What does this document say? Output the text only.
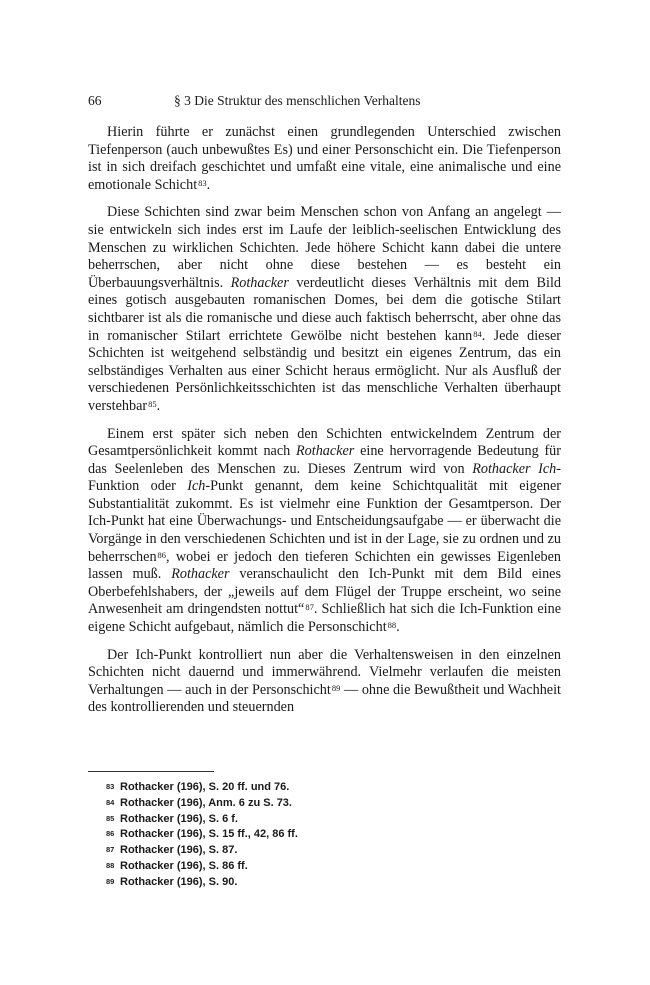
66	§ 3 Die Struktur des menschlichen Verhaltens

Hierin führte er zunächst einen grundlegenden Unterschied zwischen Tiefenperson (auch unbewußtes Es) und einer Personschicht ein. Die Tiefenperson ist in sich dreifach geschichtet und umfaßt eine vitale, eine animalische und eine emotionale Schicht$^{83}$.

Diese Schichten sind zwar beim Menschen schon von Anfang an angelegt — sie entwickeln sich indes erst im Laufe der leiblich-seelischen Entwicklung des Menschen zu wirklichen Schichten. Jede höhere Schicht kann dabei die untere beherrschen, aber nicht ohne diese bestehen — es besteht ein Überbauungsverhältnis. Rothacker verdeutlicht dieses Verhältnis mit dem Bild eines gotisch ausgebauten romanischen Domes, bei dem die gotische Stilart sichtbarer ist als die romanische und diese auch faktisch beherrscht, aber ohne das in romanischer Stilart errichtete Gewölbe nicht bestehen kann$^{84}$. Jede dieser Schichten ist weitgehend selbständig und besitzt ein eigenes Zentrum, das ein selbständiges Verhalten aus einer Schicht heraus ermöglicht. Nur als Ausfluß der verschiedenen Persönlichkeitsschichten ist das menschliche Verhalten überhaupt verstehbar$^{85}$.

Einem erst später sich neben den Schichten entwickelndem Zentrum der Gesamtpersönlichkeit kommt nach Rothacker eine hervorragende Bedeutung für das Seelenleben des Menschen zu. Dieses Zentrum wird von Rothacker Ich-Funktion oder Ich-Punkt genannt, dem keine Schichtqualität mit eigener Substantialität zukommt. Es ist vielmehr eine Funktion der Gesamtperson. Der Ich-Punkt hat eine Überwachungs- und Entscheidungsaufgabe — er überwacht die Vorgänge in den verschiedenen Schichten und ist in der Lage, sie zu ordnen und zu beherrschen$^{86}$, wobei er jedoch den tieferen Schichten ein gewisses Eigenleben lassen muß. Rothacker veranschaulicht den Ich-Punkt mit dem Bild eines Oberbefehlshabers, der „jeweils auf dem Flügel der Truppe erscheint, wo seine Anwesenheit am dringendsten nottut“$^{87}$. Schließlich hat sich die Ich-Funktion eine eigene Schicht aufgebaut, nämlich die Personschicht$^{88}$.

Der Ich-Punkt kontrolliert nun aber die Verhaltensweisen in den einzelnen Schichten nicht dauernd und immerwährend. Vielmehr verlaufen die meisten Verhaltungen — auch in der Personschicht$^{89}$ — ohne die Bewußtheit und Wachheit des kontrollierenden und steuernden

83 Rothacker (196), S. 20 ff. und 76.
84 Rothacker (196), Anm. 6 zu S. 73.
85 Rothacker (196), S. 6 f.
86 Rothacker (196), S. 15 ff., 42, 86 ff.
87 Rothacker (196), S. 87.
88 Rothacker (196), S. 86 ff.
89 Rothacker (196), S. 90.
